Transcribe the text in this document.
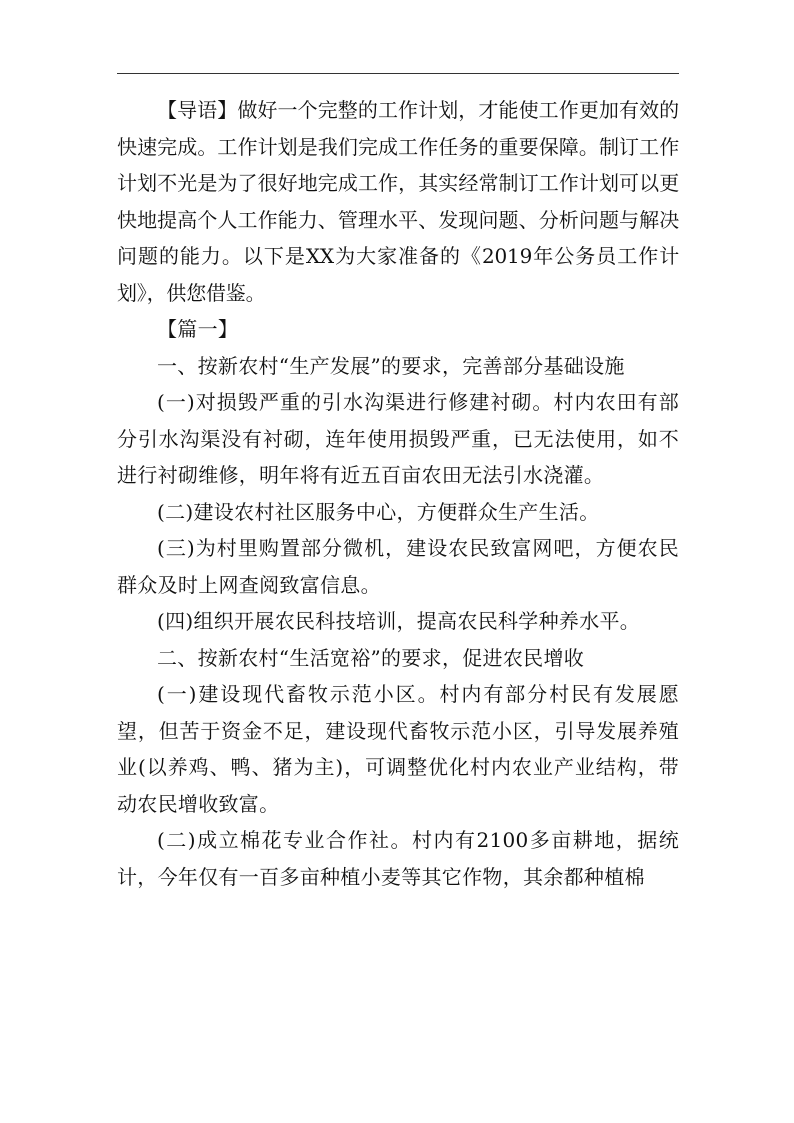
【导语】做好一个完整的工作计划，才能使工作更加有效的快速完成。工作计划是我们完成工作任务的重要保障。制订工作计划不光是为了很好地完成工作，其实经常制订工作计划可以更快地提高个人工作能力、管理水平、发现问题、分析问题与解决问题的能力。以下是XX为大家准备的《2019年公务员工作计划》，供您借鉴。

【篇一】

一、按新农村“生产发展”的要求，完善部分基础设施

(一)对损毁严重的引水沟渠进行修建衬砌。村内农田有部分引水沟渠没有衬砌，连年使用损毁严重，已无法使用，如不进行衬砌维修，明年将有近五百亩农田无法引水浇灌。

(二)建设农村社区服务中心，方便群众生产生活。

(三)为村里购置部分微机，建设农民致富网吧，方便农民群众及时上网查阅致富信息。

(四)组织开展农民科技培训，提高农民科学种养水平。

二、按新农村“生活宽裕”的要求，促进农民增收

(一)建设现代畜牧示范小区。村内有部分村民有发展愿望，但苦于资金不足，建设现代畜牧示范小区，引导发展养殖业(以养鸡、鸭、猪为主)，可调整优化村内农业产业结构，带动农民增收致富。

(二)成立棉花专业合作社。村内有2100多亩耕地，据统计，今年仅有一百多亩种植小麦等其它作物，其余都种植棉
